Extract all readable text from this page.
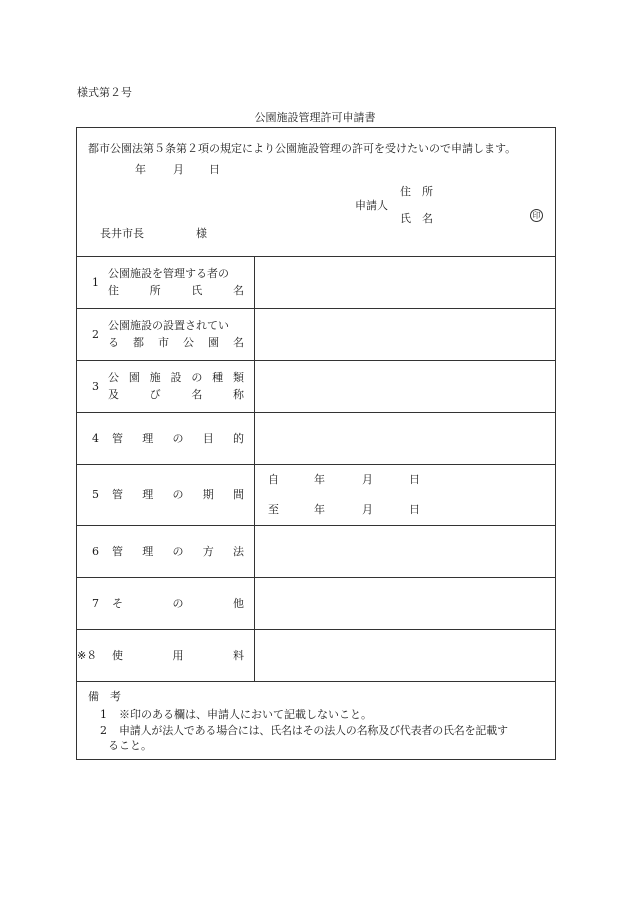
様式第２号
公園施設管理許可申請書
都市公園法第５条第２項の規定により公園施設管理の許可を受けたいので申請します。
年 月 日
住　所
申請人
氏　名	印
長井市長	様
1
公園施設を管理する者の
住	所	氏	名
2
公園施設の設置されてい
る 都 市 公 園 名
3
公 園 施 設 の 種 類
及	び	名	称
4 管 理 の 目 的
5 管 理 の 期 間
自	年	月	日
至	年	月	日
6 管 理 の 方 法
7 そ	の	他
※８ 使	用	料
備　考
1 ※印のある欄は、申請人において記載しないこと。
2 申請人が法人である場合には、氏名はその法人の名称及び代表者の氏名を記載す
ること。
